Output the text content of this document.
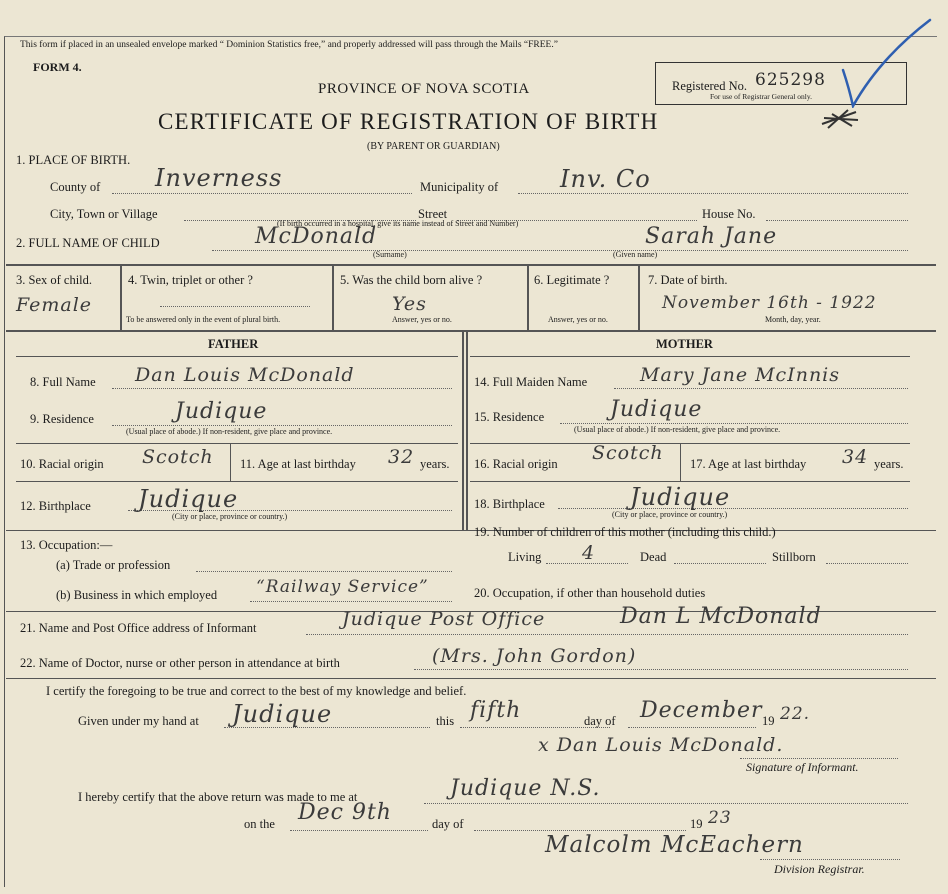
This form if placed in an unsealed envelope marked “ Dominion Statistics free,” and properly addressed will pass through the Mails “FREE.”
FORM 4.
PROVINCE OF NOVA SCOTIA
CERTIFICATE OF REGISTRATION OF BIRTH
(BY PARENT OR GUARDIAN)
Registered No. 625298
For use of Registrar General only.
1. PLACE OF BIRTH.
County of Inverness	Municipality of	Inv. Co
City, Town or Village	Street	House No.
(If birth occurred in a hospital, give its name instead of Street and Number)
2. FULL NAME OF CHILD	McDonald	Sarah Jane
(Surname)	(Given name)
3. Sex of child.
Female
4. Twin, triplet or other ?
To be answered only in the event of plural birth.
5. Was the child born alive ?
Yes
Answer, yes or no.
6. Legitimate ?
Answer, yes or no.
7. Date of birth.
November 16th - 1922
Month, day, year.
FATHER	MOTHER
8. Full Name Dan Louis McDonald	14. Full Maiden Name	Mary Jane McInnis
9. Residence	Judique
(Usual place of abode.) If non-resident, give place and province.
15. Residence	Judique
(Usual place of abode.) If non-resident, give place and province.
10. Racial origin Scotch 11. Age at last birthday 32 years. 16. Racial origin Scotch 17. Age at last birthday 34 years.
12. Birthplace Judique
(City or place, province or country.)
18. Birthplace	Judique
(City or place, province or country.)
13. Occupation:—
(a) Trade or profession
(b) Business in which employed “Railway Service”
19. Number of children of this mother (including this child.)
Living 4	Dead	Stillborn
20. Occupation, if other than household duties
21. Name and Post Office address of Informant	Judique Post Office	Dan L McDonald
22. Name of Doctor, nurse or other person in attendance at birth	(Mrs. John Gordon)
I certify the foregoing to be true and correct to the best of my knowledge and belief.
Given under my hand at Judique	this fifth	day of December 19 22.
x Dan Louis McDonald.
Signature of Informant.
I hereby certify that the above return was made to me at	Judique N.S.
on the Dec 9th	day of	19 23
Malcolm McEachern
Division Registrar.
